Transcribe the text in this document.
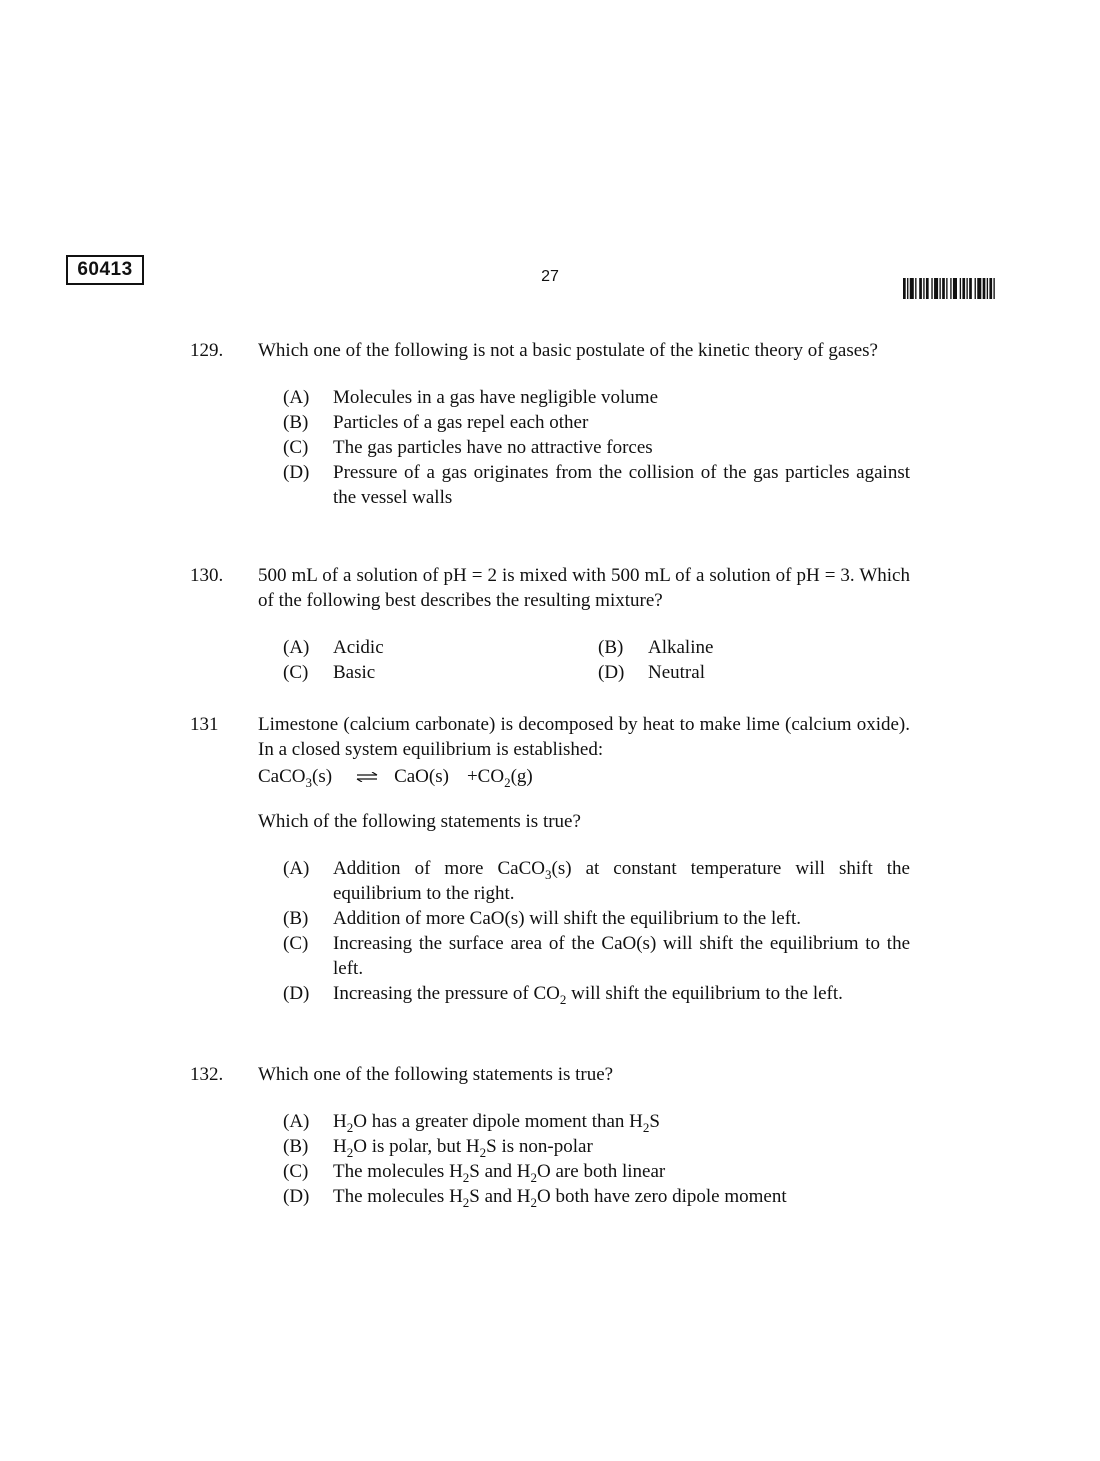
60413	27
129.	Which one of the following is not a basic postulate of the kinetic theory of gases?
(A)	Molecules in a gas have negligible volume
(B)	Particles of a gas repel each other
(C)	The gas particles have no attractive forces
(D)	Pressure of a gas originates from the collision of the gas particles against the vessel walls
130.	500 mL of a solution of pH = 2 is mixed with 500 mL of a solution of pH = 3. Which of the following best describes the resulting mixture?
(A)	Acidic	(B)	Alkaline
(C)	Basic	(D)	Neutral
131	Limestone (calcium carbonate) is decomposed by heat to make lime (calcium oxide). In a closed system equilibrium is established:
CaCO$_3$(s) ⇌ $CaO(s) +CO_2(g)$
Which of the following statements is true?
(A)	Addition of more CaCO$_3$(s) at constant temperature will shift the equilibrium to the right.
(B)	Addition of more CaO(s) will shift the equilibrium to the left.
(C)	Increasing the surface area of the CaO(s) will shift the equilibrium to the left.
(D)	Increasing the pressure of $CO_2$ will shift the equilibrium to the left.
132.	Which one of the following statements is true?
(A)	$H_2O$ has a greater dipole moment than $H_2S$
(B)	$H_2O$ is polar, but $H_2S$ is non-polar
(C)	The molecules $H_2S$ and $H_2O$ are both linear
(D)	The molecules $H_2S$ and $H_2O$ both have zero dipole moment
